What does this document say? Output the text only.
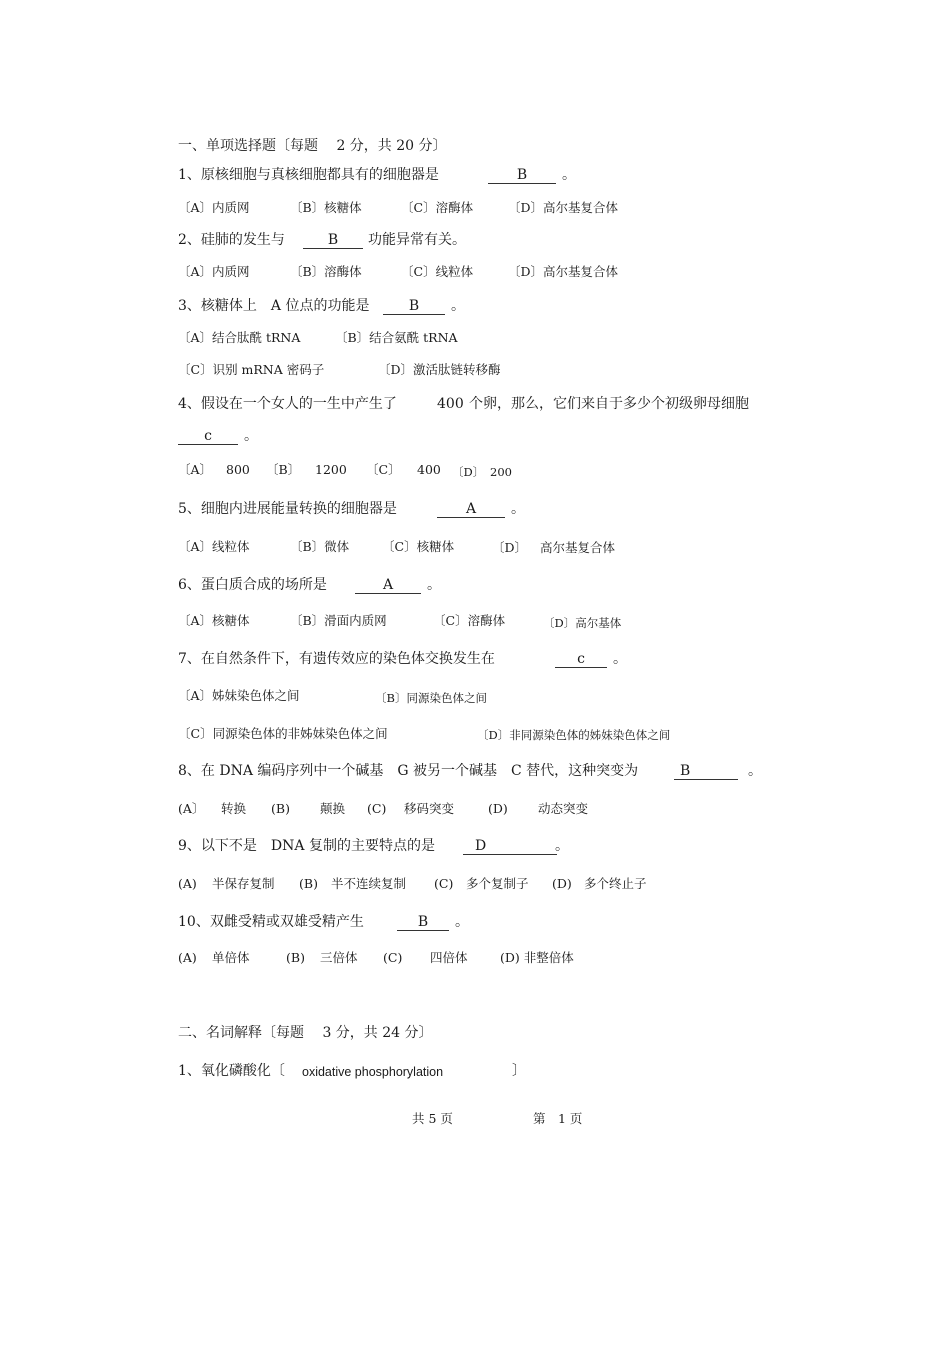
一、单项选择题〔每题　 2 分，共 20 分〕
1、原核细胞与真核细胞都具有的细胞器是	B	。
〔A〕内质网	〔B〕核糖体	〔C〕溶酶体	〔D〕高尔基复合体
2、硅肺的发生与	B	功能异常有关。
〔A〕内质网	〔B〕溶酶体	〔C〕线粒体	〔D〕高尔基复合体
3、核糖体上　A 位点的功能是	B	。
〔A〕结合肽酰 tRNA	〔B〕结合氨酰 tRNA
〔C〕识别 mRNA 密码子	〔D〕激活肽链转移酶
4、假设在一个女人的一生中产生了	400 个卵，那么，它们来自于多少个初级卵母细胞
c	。
〔A〕 800 〔B〕 1200 〔C〕 400 〔D〕 200
5、细胞内进展能量转换的细胞器是	A	。
〔A〕线粒体	〔B〕微体	〔C〕核糖体	〔D〕 高尔基复合体
6、蛋白质合成的场所是	A	。
〔A〕核糖体	〔B〕滑面内质网	〔C〕溶酶体	〔D〕高尔基体
7、在自然条件下，有遗传效应的染色体交换发生在	c	。
〔A〕姊妹染色体之间	〔B〕同源染色体之间
〔C〕同源染色体的非姊妹染色体之间	〔D〕非同源染色体的姊妹染色体之间
8、在 DNA 编码序列中一个碱基　G 被另一个碱基　C 替代，这种突变为	B	。
(A〕 转换 (B) 颠换 (C) 移码突变	(D) 动态突变
9、以下不是　DNA 复制的主要特点的是	D	。
(A) 半保存复制 (B) 半不连续复制 (C) 多个复制子 (D) 多个终止子
10、双雌受精或双雄受精产生	B	。
(A) 单倍体	(B) 三倍体 (C) 四倍体	(D) 非整倍体
二、名词解释〔每题　 3 分，共 24 分〕
1、氧化磷酸化〔 oxidative phosphorylation	〕
共 5 页	第　1 页
